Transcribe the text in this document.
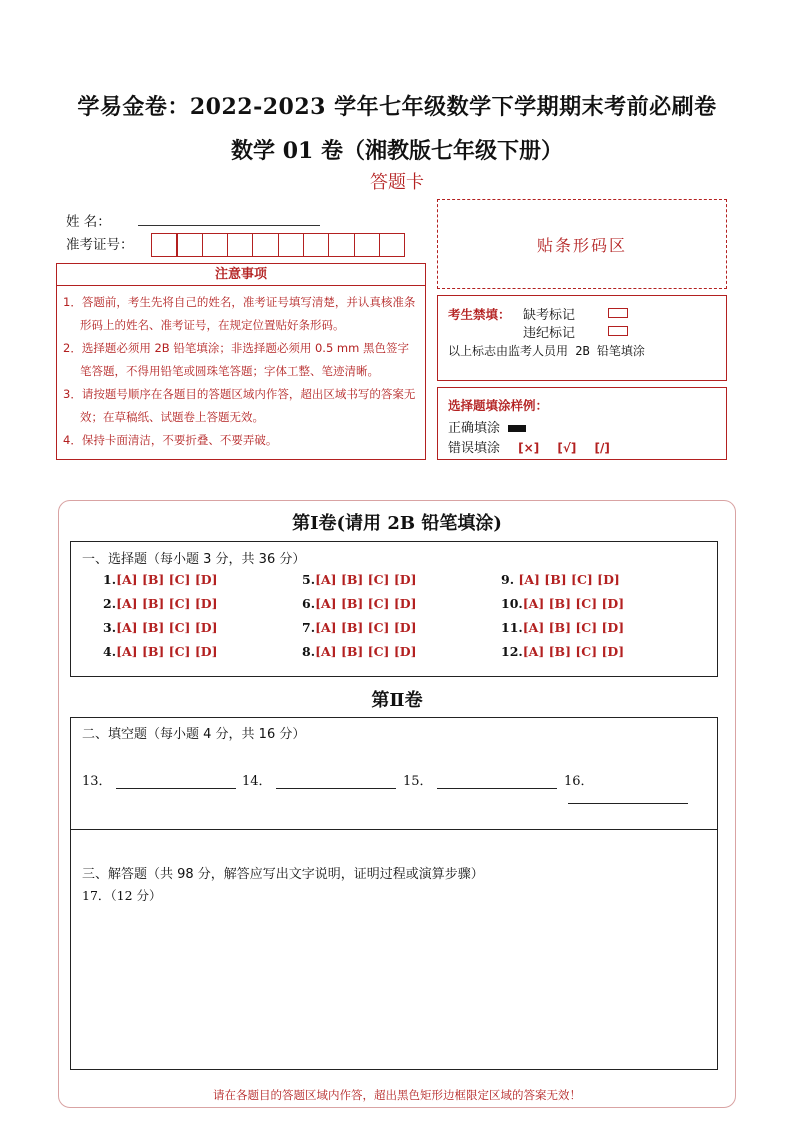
学易金卷：2022-2023 学年七年级数学下学期期末考前必刷卷
数学 01 卷（湘教版七年级下册）
答题卡
姓 名：
准考证号：	贴条形码区
注意事项
1．答题前，考生先将自己的姓名，准考证号填写清楚，并认真核准条形码上的姓名、准考证号，在规定位置贴好条形码。
2．选择题必须用 2B 铅笔填涂；非选择题必须用 0.5 mm 黑色签字笔答题，不得用铅笔或圆珠笔答题；字体工整、笔迹清晰。
3．请按题号顺序在各题目的答题区域内作答，超出区域书写的答案无效；在草稿纸、试题卷上答题无效。
4．保持卡面清洁，不要折叠、不要弄破。
考生禁填： 缺考标记
违纪标记
以上标志由监考人员用 2B 铅笔填涂
选择题填涂样例：
正确填涂
错误填涂 [×] [√] [/]
第Ⅰ卷(请用 2B 铅笔填涂)
一、选择题（每小题 3 分，共 36 分）
1.[A] [B] [C] [D]
2.[A] [B] [C] [D]
3.[A] [B] [C] [D]
4.[A] [B] [C] [D]
5.[A] [B] [C] [D]
6.[A] [B] [C] [D]
7.[A] [B] [C] [D]
8.[A] [B] [C] [D]
9. [A] [B] [C] [D]
10.[A] [B] [C] [D]
11.[A] [B] [C] [D]
12.[A] [B] [C] [D]
第Ⅱ卷
二、填空题（每小题 4 分，共 16 分）
13．	14．	15．	16．
三、解答题（共 98 分，解答应写出文字说明，证明过程或演算步骤）
17．（12 分）
请在各题目的答题区域内作答，超出黑色矩形边框限定区域的答案无效！
